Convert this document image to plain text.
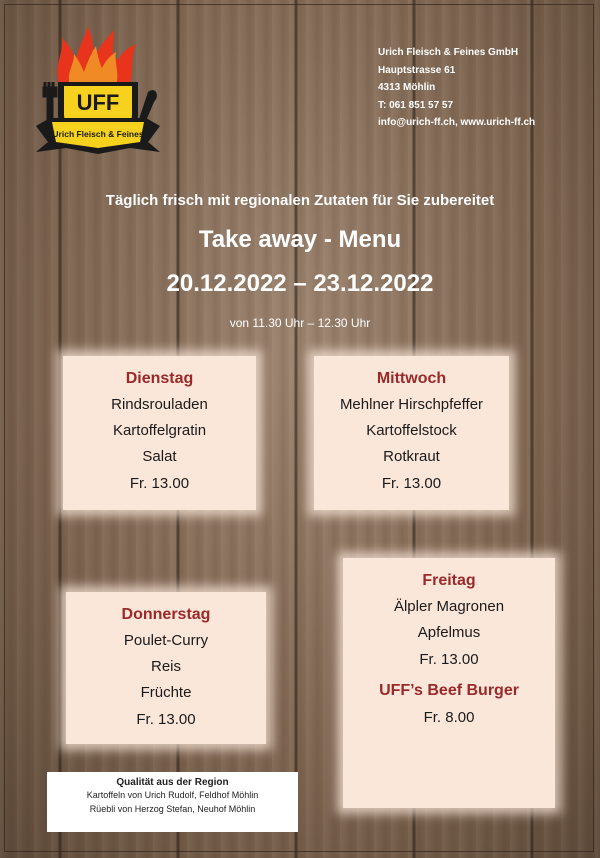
UFF
Urich Fleisch & Feines
Urich Fleisch & Feines GmbH
Hauptstrasse 61
4313 Möhlin
T: 061 851 57 57
info@urich-ff.ch, www.urich-ff.ch
Täglich frisch mit regionalen Zutaten für Sie zubereitet
Take away - Menu
20.12.2022 – 23.12.2022
von 11.30 Uhr – 12.30 Uhr
Dienstag
Rindsrouladen
Kartoffelgratin
Salat
Fr. 13.00
Mittwoch
Mehlner Hirschpfeffer
Kartoffelstock
Rotkraut
Fr. 13.00
Donnerstag
Poulet-Curry
Reis
Früchte
Fr. 13.00
Freitag
Älpler Magronen
Apfelmus
Fr. 13.00
UFF’s Beef Burger
Fr. 8.00
Qualität aus der Region
Kartoffeln von Urich Rudolf, Feldhof Möhlin
Rüebli von Herzog Stefan, Neuhof Möhlin
